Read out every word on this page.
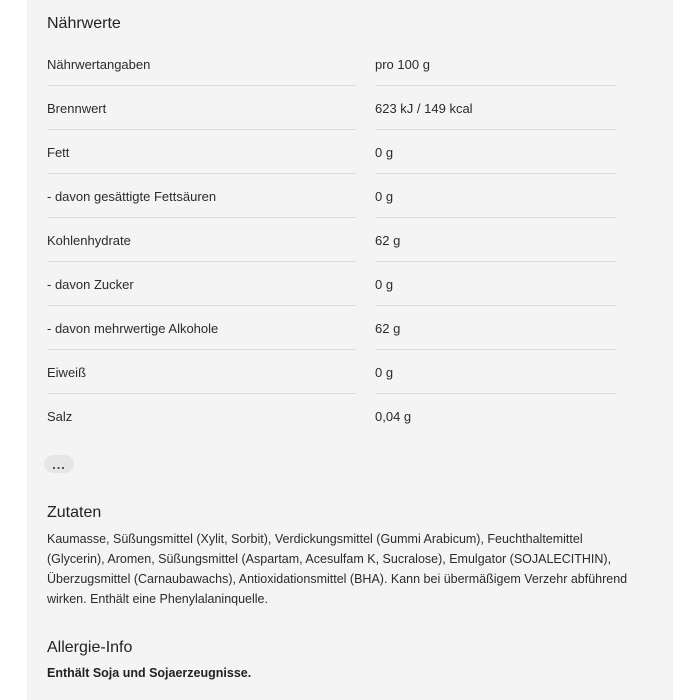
Nährwerte
Nährwertangaben	pro 100 g
Brennwert	623 kJ / 149 kcal
Fett	0 g
- davon gesättigte Fettsäuren	0 g
Kohlenhydrate	62 g
- davon Zucker	0 g
- davon mehrwertige Alkohole	62 g
Eiweiß	0 g
Salz	0,04 g
...
Zutaten

Kaumasse, Süßungsmittel (Xylit, Sorbit), Verdickungsmittel (Gummi Arabicum), Feuchthaltemittel (Glycerin), Aromen, Süßungsmittel (Aspartam, Acesulfam K, Sucralose), Emulgator (SOJALECITHIN), Überzugsmittel (Carnaubawachs), Antioxidationsmittel (BHA). Kann bei übermäßigem Verzehr abführend wirken. Enthält eine Phenylalaninquelle.

Allergie-Info

Enthält Soja und Sojaerzeugnisse.
